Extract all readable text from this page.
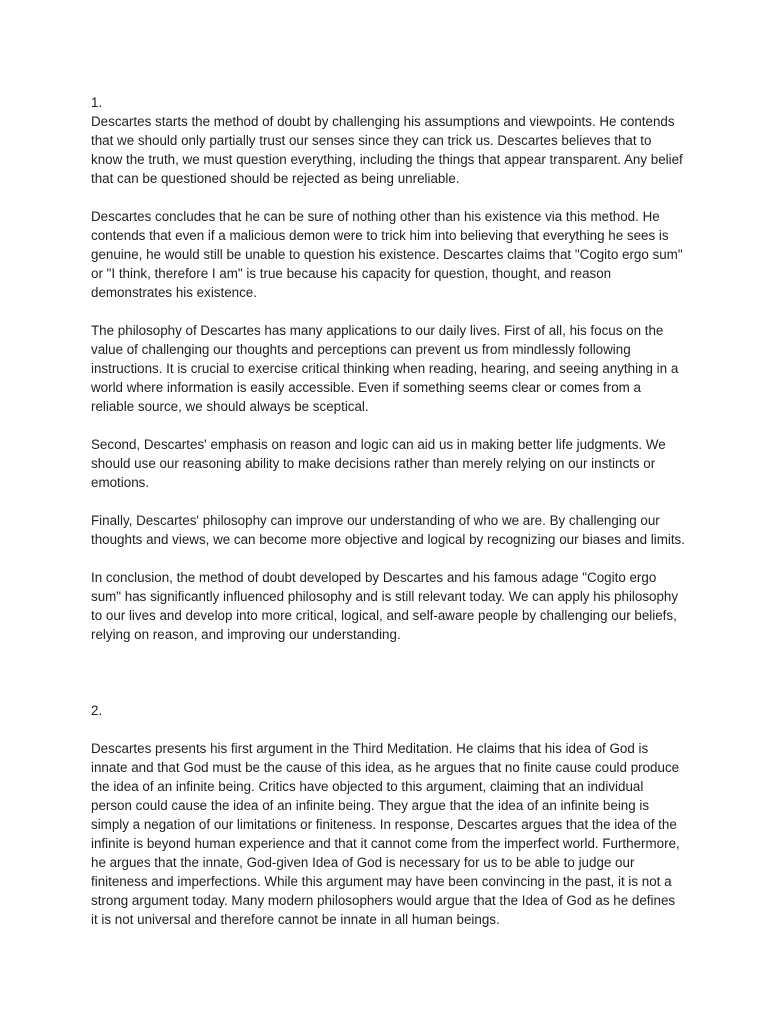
1.

Descartes starts the method of doubt by challenging his assumptions and viewpoints. He contends that we should only partially trust our senses since they can trick us. Descartes believes that to know the truth, we must question everything, including the things that appear transparent. Any belief that can be questioned should be rejected as being unreliable.

Descartes concludes that he can be sure of nothing other than his existence via this method. He contends that even if a malicious demon were to trick him into believing that everything he sees is genuine, he would still be unable to question his existence. Descartes claims that "Cogito ergo sum" or "I think, therefore I am" is true because his capacity for question, thought, and reason demonstrates his existence.

The philosophy of Descartes has many applications to our daily lives. First of all, his focus on the value of challenging our thoughts and perceptions can prevent us from mindlessly following instructions. It is crucial to exercise critical thinking when reading, hearing, and seeing anything in a world where information is easily accessible. Even if something seems clear or comes from a reliable source, we should always be sceptical.

Second, Descartes' emphasis on reason and logic can aid us in making better life judgments. We should use our reasoning ability to make decisions rather than merely relying on our instincts or emotions.

Finally, Descartes' philosophy can improve our understanding of who we are. By challenging our thoughts and views, we can become more objective and logical by recognizing our biases and limits.

In conclusion, the method of doubt developed by Descartes and his famous adage "Cogito ergo sum" has significantly influenced philosophy and is still relevant today. We can apply his philosophy to our lives and develop into more critical, logical, and self-aware people by challenging our beliefs, relying on reason, and improving our understanding.

2.

Descartes presents his first argument in the Third Meditation. He claims that his idea of God is innate and that God must be the cause of this idea, as he argues that no finite cause could produce the idea of an infinite being. Critics have objected to this argument, claiming that an individual person could cause the idea of an infinite being. They argue that the idea of an infinite being is simply a negation of our limitations or finiteness. In response, Descartes argues that the idea of the infinite is beyond human experience and that it cannot come from the imperfect world. Furthermore, he argues that the innate, God-given Idea of God is necessary for us to be able to judge our finiteness and imperfections. While this argument may have been convincing in the past, it is not a strong argument today. Many modern philosophers would argue that the Idea of God as he defines it is not universal and therefore cannot be innate in all human beings.
